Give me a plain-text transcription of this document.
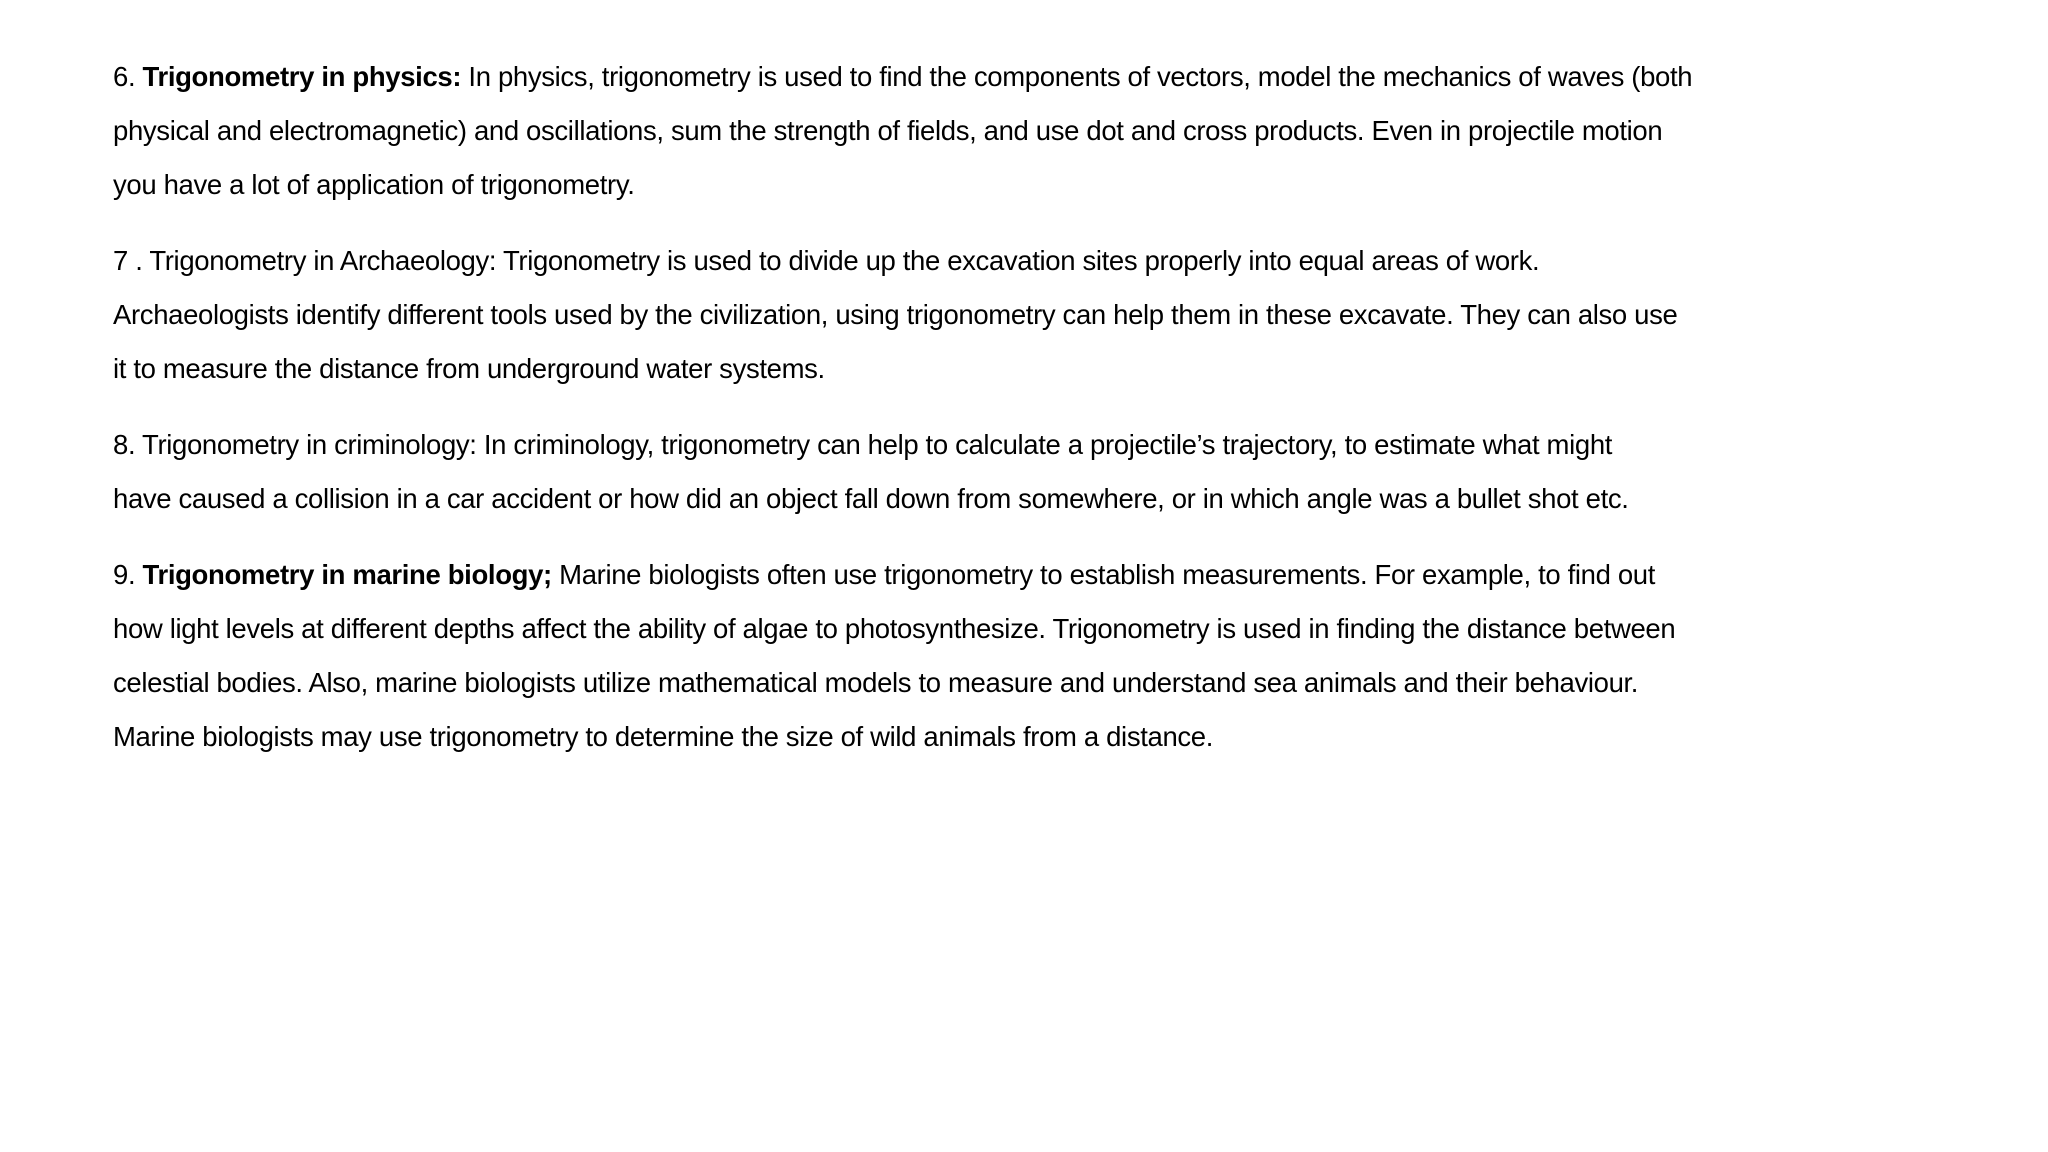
6. Trigonometry in physics: In physics, trigonometry is used to find the components of vectors, model the mechanics of waves (both
physical and electromagnetic) and oscillations, sum the strength of fields, and use dot and cross products. Even in projectile motion
you have a lot of application of trigonometry.

7 . Trigonometry in Archaeology: Trigonometry is used to divide up the excavation sites properly into equal areas of work.
Archaeologists identify different tools used by the civilization, using trigonometry can help them in these excavate. They can also use
it to measure the distance from underground water systems.

8. Trigonometry in criminology: In criminology, trigonometry can help to calculate a projectile’s trajectory, to estimate what might
have caused a collision in a car accident or how did an object fall down from somewhere, or in which angle was a bullet shot etc.

9. Trigonometry in marine biology; Marine biologists often use trigonometry to establish measurements. For example, to find out
how light levels at different depths affect the ability of algae to photosynthesize. Trigonometry is used in finding the distance between
celestial bodies. Also, marine biologists utilize mathematical models to measure and understand sea animals and their behaviour.
Marine biologists may use trigonometry to determine the size of wild animals from a distance.
